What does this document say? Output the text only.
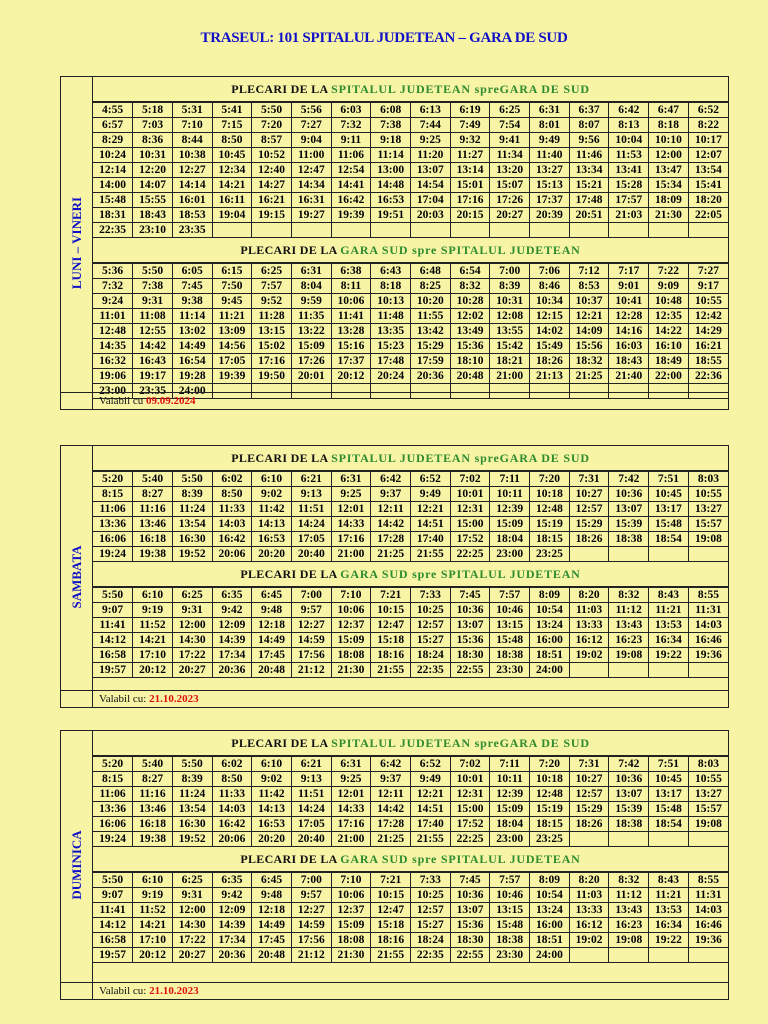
TRASEUL: 101 SPITALUL JUDETEAN – GARA DE SUD
LUNI – VINERI
PLECARI DE LA SPITALUL JUDETEAN spreGARA DE SUD
4:55	5:18	5:31	5:41	5:50	5:56	6:03	6:08	6:13	6:19	6:25	6:31	6:37	6:42	6:47	6:52
6:57	7:03	7:10	7:15	7:20	7:27	7:32	7:38	7:44	7:49	7:54	8:01	8:07	8:13	8:18	8:22
8:29	8:36	8:44	8:50	8:57	9:04	9:11	9:18	9:25	9:32	9:41	9:49	9:56	10:04	10:10	10:17
10:24	10:31	10:38	10:45	10:52	11:00	11:06	11:14	11:20	11:27	11:34	11:40	11:46	11:53	12:00	12:07
12:14	12:20	12:27	12:34	12:40	12:47	12:54	13:00	13:07	13:14	13:20	13:27	13:34	13:41	13:47	13:54
14:00	14:07	14:14	14:21	14:27	14:34	14:41	14:48	14:54	15:01	15:07	15:13	15:21	15:28	15:34	15:41
15:48	15:55	16:01	16:11	16:21	16:31	16:42	16:53	17:04	17:16	17:26	17:37	17:48	17:57	18:09	18:20
18:31	18:43	18:53	19:04	19:15	19:27	19:39	19:51	20:03	20:15	20:27	20:39	20:51	21:03	21:30	22:05
22:35	23:10	23:35													
PLECARI DE LA GARA SUD spre SPITALUL JUDETEAN
5:36	5:50	6:05	6:15	6:25	6:31	6:38	6:43	6:48	6:54	7:00	7:06	7:12	7:17	7:22	7:27
7:32	7:38	7:45	7:50	7:57	8:04	8:11	8:18	8:25	8:32	8:39	8:46	8:53	9:01	9:09	9:17
9:24	9:31	9:38	9:45	9:52	9:59	10:06	10:13	10:20	10:28	10:31	10:34	10:37	10:41	10:48	10:55
11:01	11:08	11:14	11:21	11:28	11:35	11:41	11:48	11:55	12:02	12:08	12:15	12:21	12:28	12:35	12:42
12:48	12:55	13:02	13:09	13:15	13:22	13:28	13:35	13:42	13:49	13:55	14:02	14:09	14:16	14:22	14:29
14:35	14:42	14:49	14:56	15:02	15:09	15:16	15:23	15:29	15:36	15:42	15:49	15:56	16:03	16:10	16:21
16:32	16:43	16:54	17:05	17:16	17:26	17:37	17:48	17:59	18:10	18:21	18:26	18:32	18:43	18:49	18:55
19:06	19:17	19:28	19:39	19:50	20:01	20:12	20:24	20:36	20:48	21:00	21:13	21:25	21:40	22:00	22:36
23:00	23:35	24:00													
Valabil cu 09.09.2024
SAMBATA
PLECARI DE LA SPITALUL JUDETEAN spreGARA DE SUD
5:20	5:40	5:50	6:02	6:10	6:21	6:31	6:42	6:52	7:02	7:11	7:20	7:31	7:42	7:51	8:03
8:15	8:27	8:39	8:50	9:02	9:13	9:25	9:37	9:49	10:01	10:11	10:18	10:27	10:36	10:45	10:55
11:06	11:16	11:24	11:33	11:42	11:51	12:01	12:11	12:21	12:31	12:39	12:48	12:57	13:07	13:17	13:27
13:36	13:46	13:54	14:03	14:13	14:24	14:33	14:42	14:51	15:00	15:09	15:19	15:29	15:39	15:48	15:57
16:06	16:18	16:30	16:42	16:53	17:05	17:16	17:28	17:40	17:52	18:04	18:15	18:26	18:38	18:54	19:08
19:24	19:38	19:52	20:06	20:20	20:40	21:00	21:25	21:55	22:25	23:00	23:25				
PLECARI DE LA GARA SUD spre SPITALUL JUDETEAN
5:50	6:10	6:25	6:35	6:45	7:00	7:10	7:21	7:33	7:45	7:57	8:09	8:20	8:32	8:43	8:55
9:07	9:19	9:31	9:42	9:48	9:57	10:06	10:15	10:25	10:36	10:46	10:54	11:03	11:12	11:21	11:31
11:41	11:52	12:00	12:09	12:18	12:27	12:37	12:47	12:57	13:07	13:15	13:24	13:33	13:43	13:53	14:03
14:12	14:21	14:30	14:39	14:49	14:59	15:09	15:18	15:27	15:36	15:48	16:00	16:12	16:23	16:34	16:46
16:58	17:10	17:22	17:34	17:45	17:56	18:08	18:16	18:24	18:30	18:38	18:51	19:02	19:08	19:22	19:36
19:57	20:12	20:27	20:36	20:48	21:12	21:30	21:55	22:35	22:55	23:30	24:00				
Valabil cu: 21.10.2023
DUMINICA
PLECARI DE LA SPITALUL JUDETEAN spreGARA DE SUD
5:20	5:40	5:50	6:02	6:10	6:21	6:31	6:42	6:52	7:02	7:11	7:20	7:31	7:42	7:51	8:03
8:15	8:27	8:39	8:50	9:02	9:13	9:25	9:37	9:49	10:01	10:11	10:18	10:27	10:36	10:45	10:55
11:06	11:16	11:24	11:33	11:42	11:51	12:01	12:11	12:21	12:31	12:39	12:48	12:57	13:07	13:17	13:27
13:36	13:46	13:54	14:03	14:13	14:24	14:33	14:42	14:51	15:00	15:09	15:19	15:29	15:39	15:48	15:57
16:06	16:18	16:30	16:42	16:53	17:05	17:16	17:28	17:40	17:52	18:04	18:15	18:26	18:38	18:54	19:08
19:24	19:38	19:52	20:06	20:20	20:40	21:00	21:25	21:55	22:25	23:00	23:25				
PLECARI DE LA GARA SUD spre SPITALUL JUDETEAN
5:50	6:10	6:25	6:35	6:45	7:00	7:10	7:21	7:33	7:45	7:57	8:09	8:20	8:32	8:43	8:55
9:07	9:19	9:31	9:42	9:48	9:57	10:06	10:15	10:25	10:36	10:46	10:54	11:03	11:12	11:21	11:31
11:41	11:52	12:00	12:09	12:18	12:27	12:37	12:47	12:57	13:07	13:15	13:24	13:33	13:43	13:53	14:03
14:12	14:21	14:30	14:39	14:49	14:59	15:09	15:18	15:27	15:36	15:48	16:00	16:12	16:23	16:34	16:46
16:58	17:10	17:22	17:34	17:45	17:56	18:08	18:16	18:24	18:30	18:38	18:51	19:02	19:08	19:22	19:36
19:57	20:12	20:27	20:36	20:48	21:12	21:30	21:55	22:35	22:55	23:30	24:00				
Valabil cu: 21.10.2023
